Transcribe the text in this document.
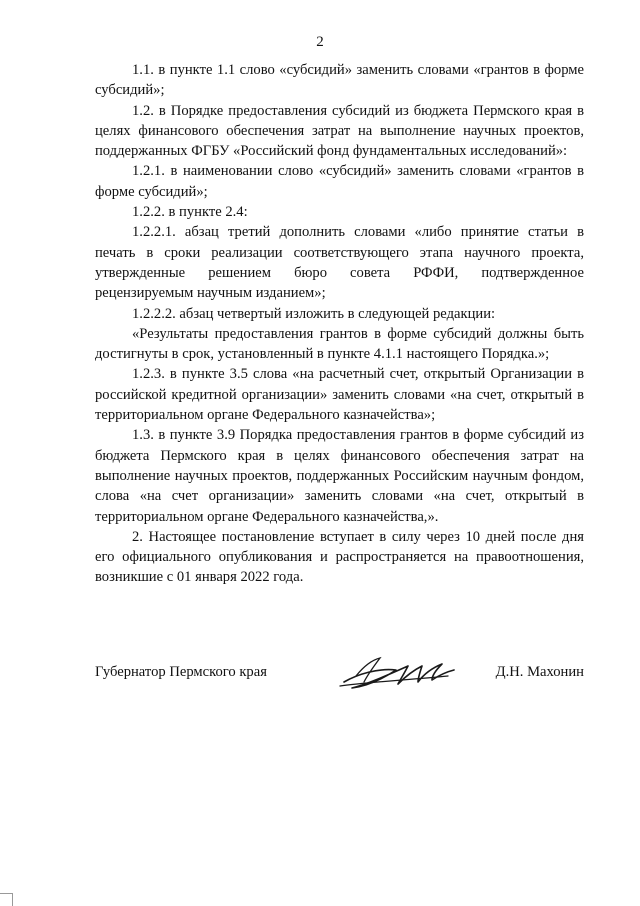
2

1.1. в пункте 1.1 слово «субсидий» заменить словами «грантов в форме субсидий»;

1.2. в Порядке предоставления субсидий из бюджета Пермского края в целях финансового обеспечения затрат на выполнение научных проектов, поддержанных ФГБУ «Российский фонд фундаментальных исследований»:

1.2.1. в наименовании слово «субсидий» заменить словами «грантов в форме субсидий»;

1.2.2. в пункте 2.4:

1.2.2.1. абзац третий дополнить словами «либо принятие статьи в печать в сроки реализации соответствующего этапа научного проекта, утвержденные решением бюро совета РФФИ, подтвержденное рецензируемым научным изданием»;

1.2.2.2. абзац четвертый изложить в следующей редакции:

«Результаты предоставления грантов в форме субсидий должны быть достигнуты в срок, установленный в пункте 4.1.1 настоящего Порядка.»;

1.2.3. в пункте 3.5 слова «на расчетный счет, открытый Организации в российской кредитной организации» заменить словами «на счет, открытый в территориальном органе Федерального казначейства»;

1.3. в пункте 3.9 Порядка предоставления грантов в форме субсидий из бюджета Пермского края в целях финансового обеспечения затрат на выполнение научных проектов, поддержанных Российским научным фондом, слова «на счет организации» заменить словами «на счет, открытый в территориальном органе Федерального казначейства,».

2. Настоящее постановление вступает в силу через 10 дней после дня его официального опубликования и распространяется на правоотношения, возникшие с 01 января 2022 года.

Губернатор Пермского края	Д.Н. Махонин
